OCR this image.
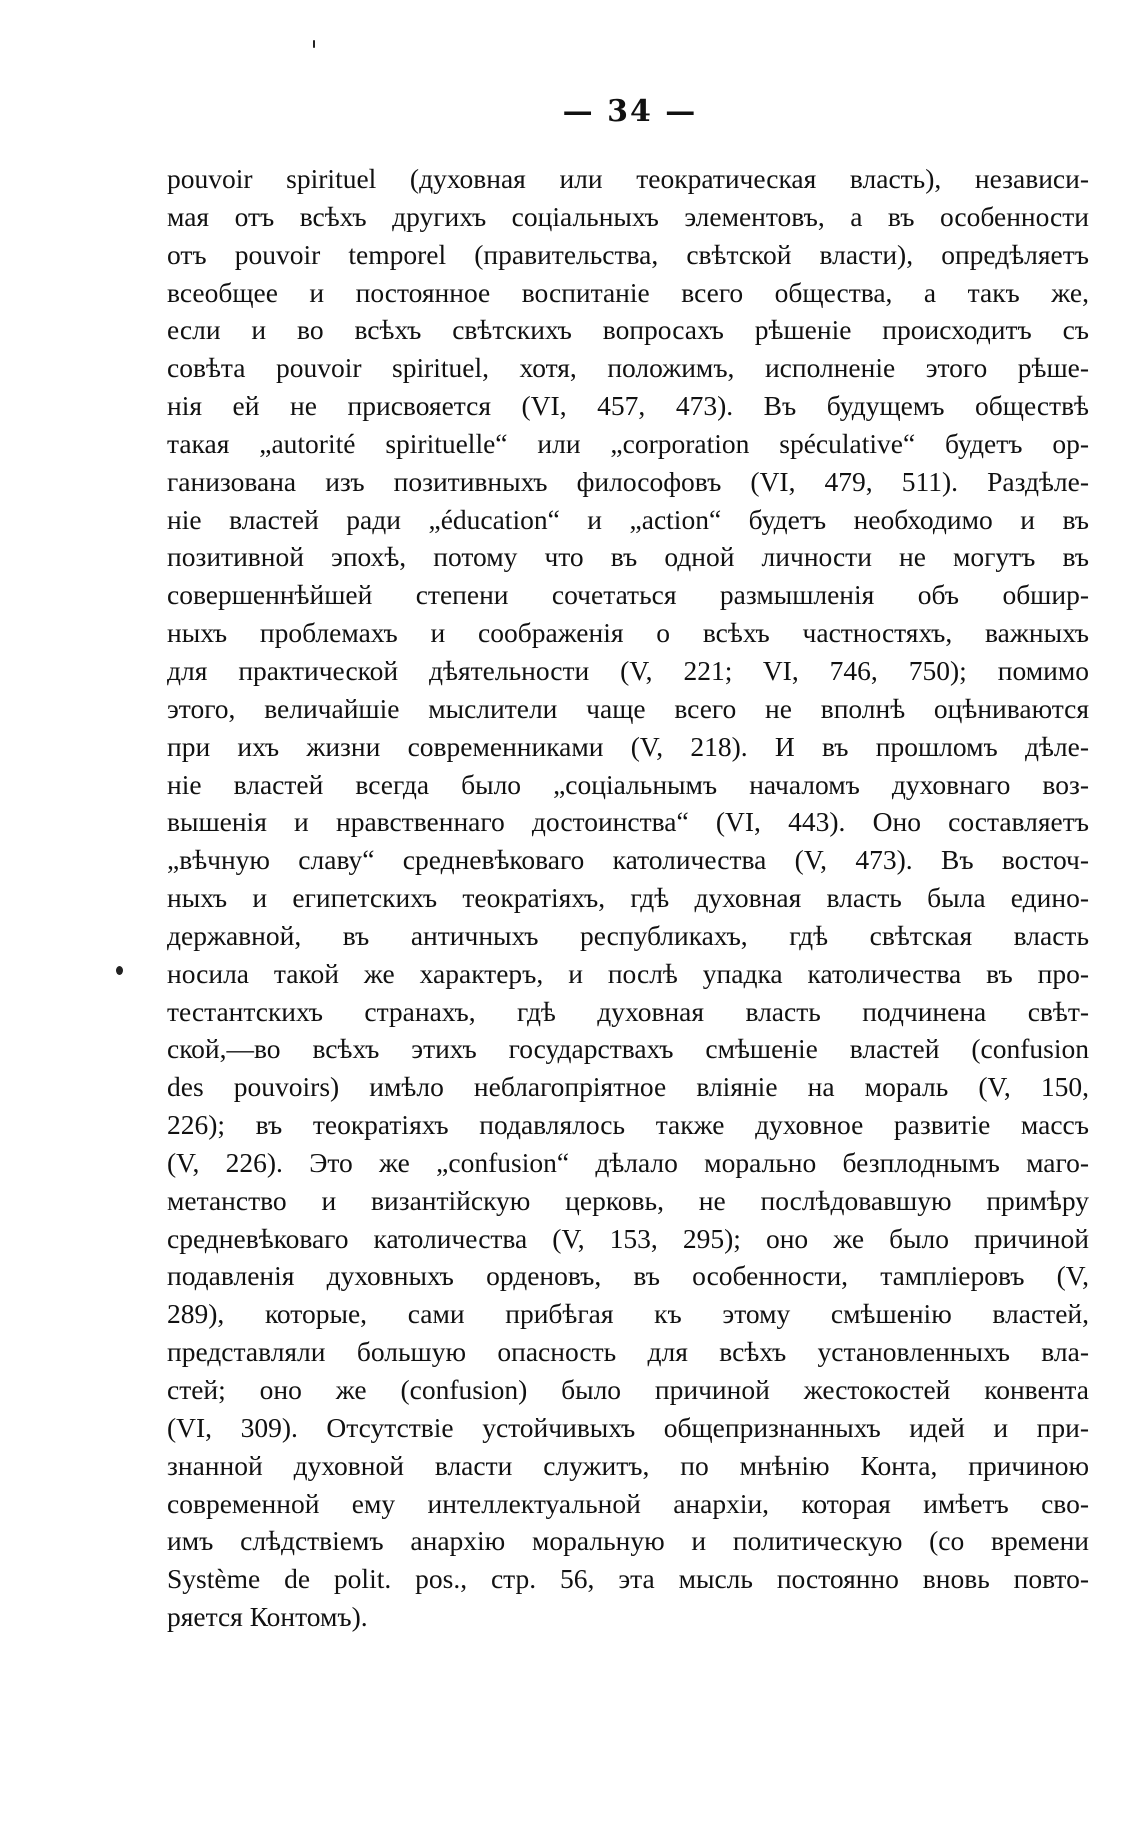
— 34 —
pouvoir spirituel (духовная или теократическая власть), независи-
мая отъ всѣхъ другихъ соціальныхъ элементовъ, а въ особенности
отъ pouvoir temporel (правительства, свѣтской власти), опредѣляетъ
всеобщее и постоянное воспитаніе всего общества, а такъ же,
если и во всѣхъ свѣтскихъ вопросахъ рѣшеніе происходитъ съ
совѣта pouvoir spirituel, хотя, положимъ, исполненіе этого рѣше-
нія ей не присвояется (VI, 457, 473). Въ будущемъ обществѣ
такая „autorité spirituelle“ или „corporation spéculative“ будетъ ор-
ганизована изъ позитивныхъ философовъ (VI, 479, 511). Раздѣле-
ніе властей ради „éducation“ и „action“ будетъ необходимо и въ
позитивной эпохѣ, потому что въ одной личности не могутъ въ
совершеннѣйшей степени сочетаться размышленія объ обшир-
ныхъ проблемахъ и соображенія о всѣхъ частностяхъ, важныхъ
для практической дѣятельности (V, 221; VI, 746, 750); помимо
этого, величайшіе мыслители чаще всего не вполнѣ оцѣниваются
при ихъ жизни современниками (V, 218). И въ прошломъ дѣле-
ніе властей всегда было „соціальнымъ началомъ духовнаго воз-
вышенія и нравственнаго достоинства“ (VI, 443). Оно составляетъ
„вѣчную славу“ средневѣковаго католичества (V, 473). Въ восточ-
ныхъ и египетскихъ теократіяхъ, гдѣ духовная власть была едино-
державной, въ античныхъ республикахъ, гдѣ свѣтская власть
носила такой же характеръ, и послѣ упадка католичества въ про-
тестантскихъ странахъ, гдѣ духовная власть подчинена свѣт-
ской,—во всѣхъ этихъ государствахъ смѣшеніе властей (confusion
des pouvoirs) имѣло неблагопріятное вліяніе на мораль (V, 150,
226); въ теократіяхъ подавлялось также духовное развитіе массъ
(V, 226). Это же „confusion“ дѣлало морально безплоднымъ маго-
метанство и византійскую церковь, не послѣдовавшую примѣру
средневѣковаго католичества (V, 153, 295); оно же было причиной
подавленія духовныхъ орденовъ, въ особенности, тампліеровъ (V,
289), которые, сами прибѣгая къ этому смѣшенію властей,
представляли большую опасность для всѣхъ установленныхъ вла-
стей; оно же (confusion) было причиной жестокостей конвента
(VI, 309). Отсутствіе устойчивыхъ общепризнанныхъ идей и при-
знанной духовной власти служитъ, по мнѣнію Конта, причиною
современной ему интеллектуальной анархіи, которая имѣетъ сво-
имъ слѣдствіемъ анархію моральную и политическую (со времени
Système de polit. pos., стр. 56, эта мысль постоянно вновь повто-
ряется Контомъ).
